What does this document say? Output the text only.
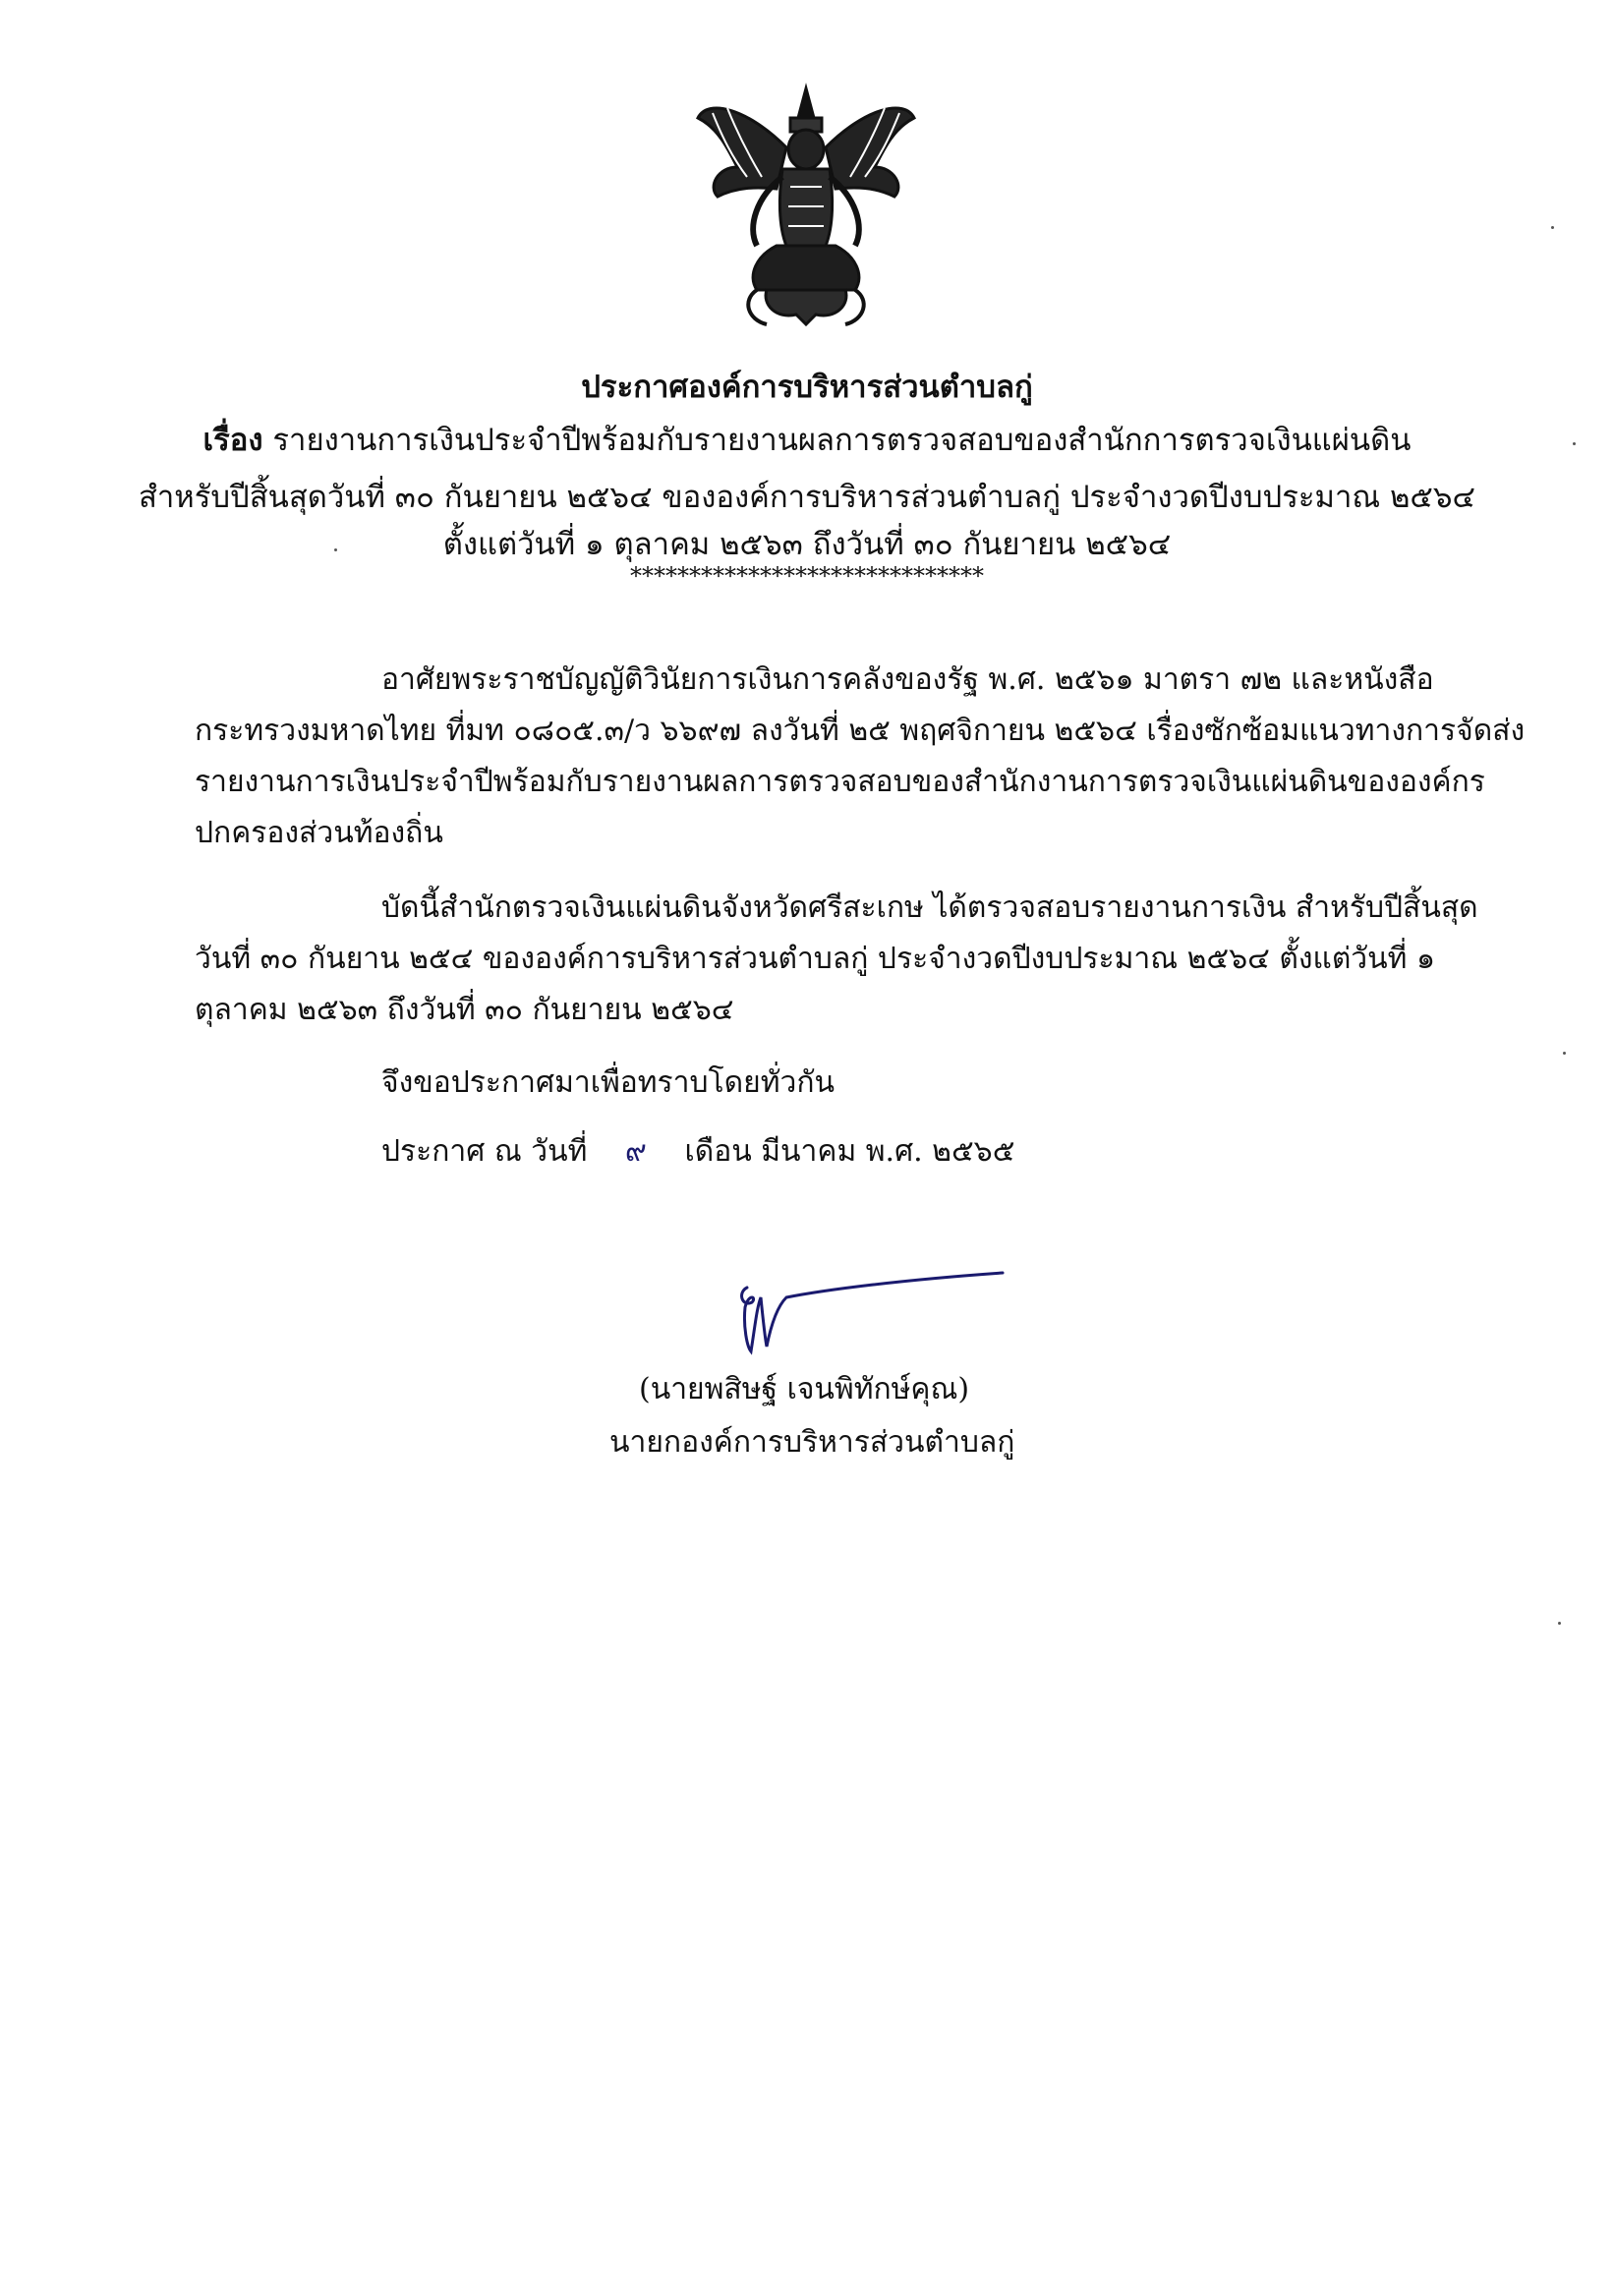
ประกาศองค์การบริหารส่วนตำบลกู่
เรื่อง รายงานการเงินประจำปีพร้อมกับรายงานผลการตรวจสอบของสำนักการตรวจเงินแผ่นดิน
สำหรับปีสิ้นสุดวันที่ ๓๐ กันยายน ๒๕๖๔ ขององค์การบริหารส่วนตำบลกู่ ประจำงวดปีงบประมาณ ๒๕๖๔
ตั้งแต่วันที่ ๑ ตุลาคม ๒๕๖๓ ถึงวันที่ ๓๐ กันยายน ๒๕๖๔
******************************
อาศัยพระราชบัญญัติวินัยการเงินการคลังของรัฐ พ.ศ. ๒๕๖๑ มาตรา ๗๒ และหนังสือ
กระทรวงมหาดไทย ที่มท ๐๘๐๕.๓/ว ๖๖๙๗ ลงวันที่ ๒๕ พฤศจิกายน ๒๕๖๔ เรื่องซักซ้อมแนวทางการจัดส่ง
รายงานการเงินประจำปีพร้อมกับรายงานผลการตรวจสอบของสำนักงานการตรวจเงินแผ่นดินขององค์กร
ปกครองส่วนท้องถิ่น
บัดนี้สำนักตรวจเงินแผ่นดินจังหวัดศรีสะเกษ ได้ตรวจสอบรายงานการเงิน สำหรับปีสิ้นสุด
วันที่ ๓๐ กันยาน ๒๕๔ ขององค์การบริหารส่วนตำบลกู่ ประจำงวดปีงบประมาณ ๒๕๖๔ ตั้งแต่วันที่ ๑
ตุลาคม ๒๕๖๓ ถึงวันที่ ๓๐ กันยายน ๒๕๖๔
จึงขอประกาศมาเพื่อทราบโดยทั่วกัน
ประกาศ ณ วันที่ ๙ เดือน มีนาคม พ.ศ. ๒๕๖๕
(นายพสิษฐ์ เจนพิทักษ์คุณ)
นายกองค์การบริหารส่วนตำบลกู่
